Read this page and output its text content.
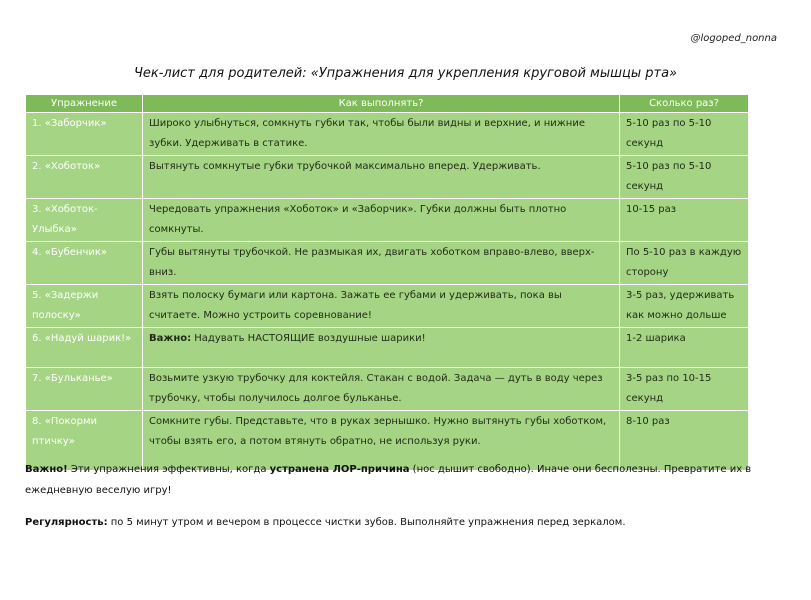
@logoped_nonna
Чек-лист для родителей: «Упражнения для укрепления круговой мышцы рта»
Упражнение	Как выполнять?	Сколько раз?
1. «Заборчик»	Широко улыбнуться, сомкнуть губки так, чтобы были видны и верхние, и нижние зубки. Удерживать в статике.	5-10 раз по 5-10 секунд
2. «Хоботок»	Вытянуть сомкнутые губки трубочкой максимально вперед. Удерживать.	5-10 раз по 5-10 секунд
3. «Хоботок-Улыбка»	Чередовать упражнения «Хоботок» и «Заборчик». Губки должны быть плотно сомкнуты.	10-15 раз
4. «Бубенчик»	Губы вытянуты трубочкой. Не размыкая их, двигать хоботком вправо-влево, вверх-вниз.	По 5-10 раз в каждую сторону
5. «Задержи полоску»	Взять полоску бумаги или картона. Зажать ее губами и удерживать, пока вы считаете. Можно устроить соревнование!	3-5 раз, удерживать как можно дольше
6. «Надуй шарик!»	Важно: Надувать НАСТОЯЩИЕ воздушные шарики!	1-2 шарика
7. «Бульканье»	Возьмите узкую трубочку для коктейля. Стакан с водой. Задача — дуть в воду через трубочку, чтобы получилось долгое бульканье.	3-5 раз по 10-15 секунд
8. «Покорми птичку»	Сомкните губы. Представьте, что в руках зернышко. Нужно вытянуть губы хоботком, чтобы взять его, а потом втянуть обратно, не используя руки.	8-10 раз

Важно! Эти упражнения эффективны, когда устранена ЛОР-причина (нос дышит свободно). Иначе они бесполезны. Превратите их в ежедневную веселую игру!

Регулярность: по 5 минут утром и вечером в процессе чистки зубов. Выполняйте упражнения перед зеркалом.
